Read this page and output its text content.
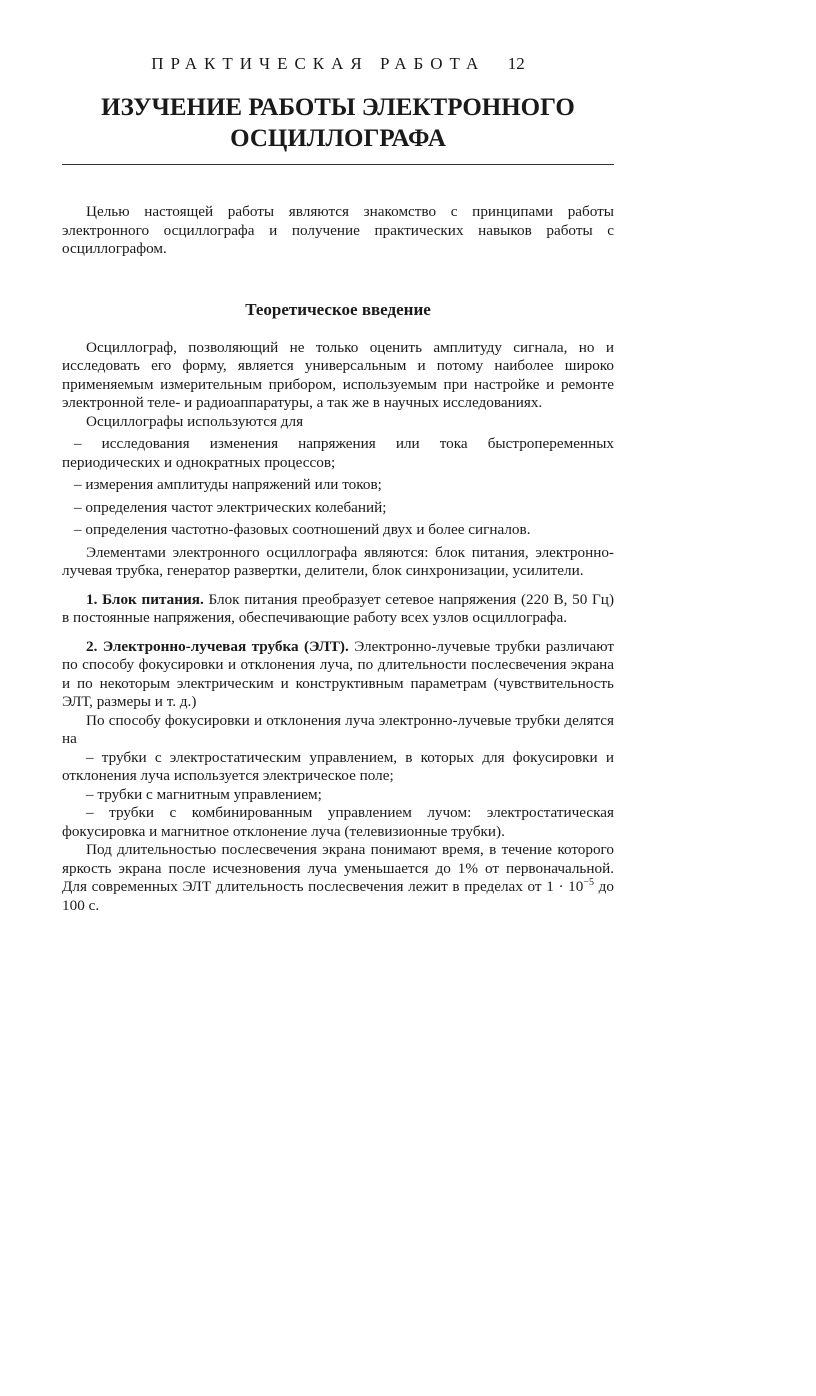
ПРАКТИЧЕСКАЯ РАБОТА 12

ИЗУЧЕНИЕ РАБОТЫ ЭЛЕКТРОННОГО
ОСЦИЛЛОГРАФА

Целью настоящей работы являются знакомство с принципами работы электронного осциллографа и получение практических навыков работы с осциллографом.

Теоретическое введение

Осциллограф, позволяющий не только оценить амплитуду сигнала, но и исследовать его форму, является универсальным и потому наиболее широко применяемым измерительным прибором, используемым при настройке и ремонте электронной теле- и радиоаппаратуры, а так же в научных исследованиях.

Осциллографы используются для

– исследования изменения напряжения или тока быстропеременных периодических и однократных процессов;

– измерения амплитуды напряжений или токов;

– определения частот электрических колебаний;

– определения частотно-фазовых соотношений двух и более сигналов.

Элементами электронного осциллографа являются: блок питания, электронно-лучевая трубка, генератор развертки, делители, блок синхронизации, усилители.

1. Блок питания. Блок питания преобразует сетевое напряжения (220 В, 50 Гц) в постоянные напряжения, обеспечивающие работу всех узлов осциллографа.

2. Электронно-лучевая трубка (ЭЛТ). Электронно-лучевые трубки различают по способу фокусировки и отклонения луча, по длительности послесвечения экрана и по некоторым электрическим и конструктивным параметрам (чувствительность ЭЛТ, размеры и т. д.)

По способу фокусировки и отклонения луча электронно-лучевые трубки делятся на

– трубки с электростатическим управлением, в которых для фокусировки и отклонения луча используется электрическое поле;

– трубки с магнитным управлением;

– трубки с комбинированным управлением лучом: электростатическая фокусировка и магнитное отклонение луча (телевизионные трубки).

Под длительностью послесвечения экрана понимают время, в течение которого яркость экрана после исчезновения луча уменьшается до 1% от первоначальной. Для современных ЭЛТ длительность послесвечения лежит в пределах от $1 \cdot 10^{-5}$ до 100 с.
